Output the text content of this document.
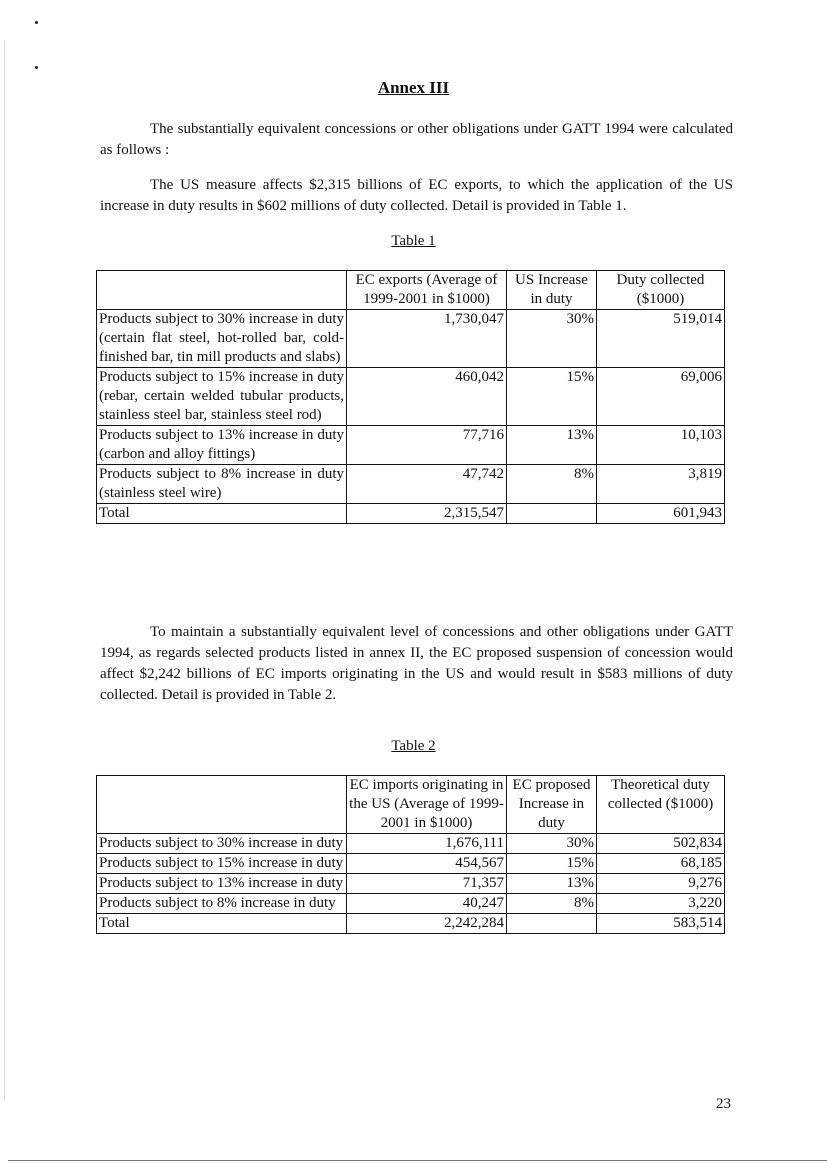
Annex III

The substantially equivalent concessions or other obligations under GATT 1994 were calculated as follows :

The US measure affects $2,315 billions of EC exports, to which the application of the US increase in duty results in $602 millions of duty collected. Detail is provided in Table 1.

Table 1
	EC exports (Average of 1999-2001 in $1000)	US Increase in duty	Duty collected ($1000)
Products subject to 30% increase in duty (certain flat steel, hot-rolled bar, cold-finished bar, tin mill products and slabs)	1,730,047	30%	519,014
Products subject to 15% increase in duty (rebar, certain welded tubular products, stainless steel bar, stainless steel rod)	460,042	15%	69,006
Products subject to 13% increase in duty (carbon and alloy fittings)	77,716	13%	10,103
Products subject to 8% increase in duty (stainless steel wire)	47,742	8%	3,819
Total	2,315,547		601,943

To maintain a substantially equivalent level of concessions and other obligations under GATT 1994, as regards selected products listed in annex II, the EC proposed suspension of concession would affect $2,242 billions of EC imports originating in the US and would result in $583 millions of duty collected. Detail is provided in Table 2.

Table 2
	EC imports originating in the US (Average of 1999-2001 in $1000)	EC proposed Increase in duty	Theoretical duty collected ($1000)
Products subject to 30% increase in duty	1,676,111	30%	502,834
Products subject to 15% increase in duty	454,567	15%	68,185
Products subject to 13% increase in duty	71,357	13%	9,276
Products subject to 8% increase in duty	40,247	8%	3,220
Total	2,242,284		583,514
23
